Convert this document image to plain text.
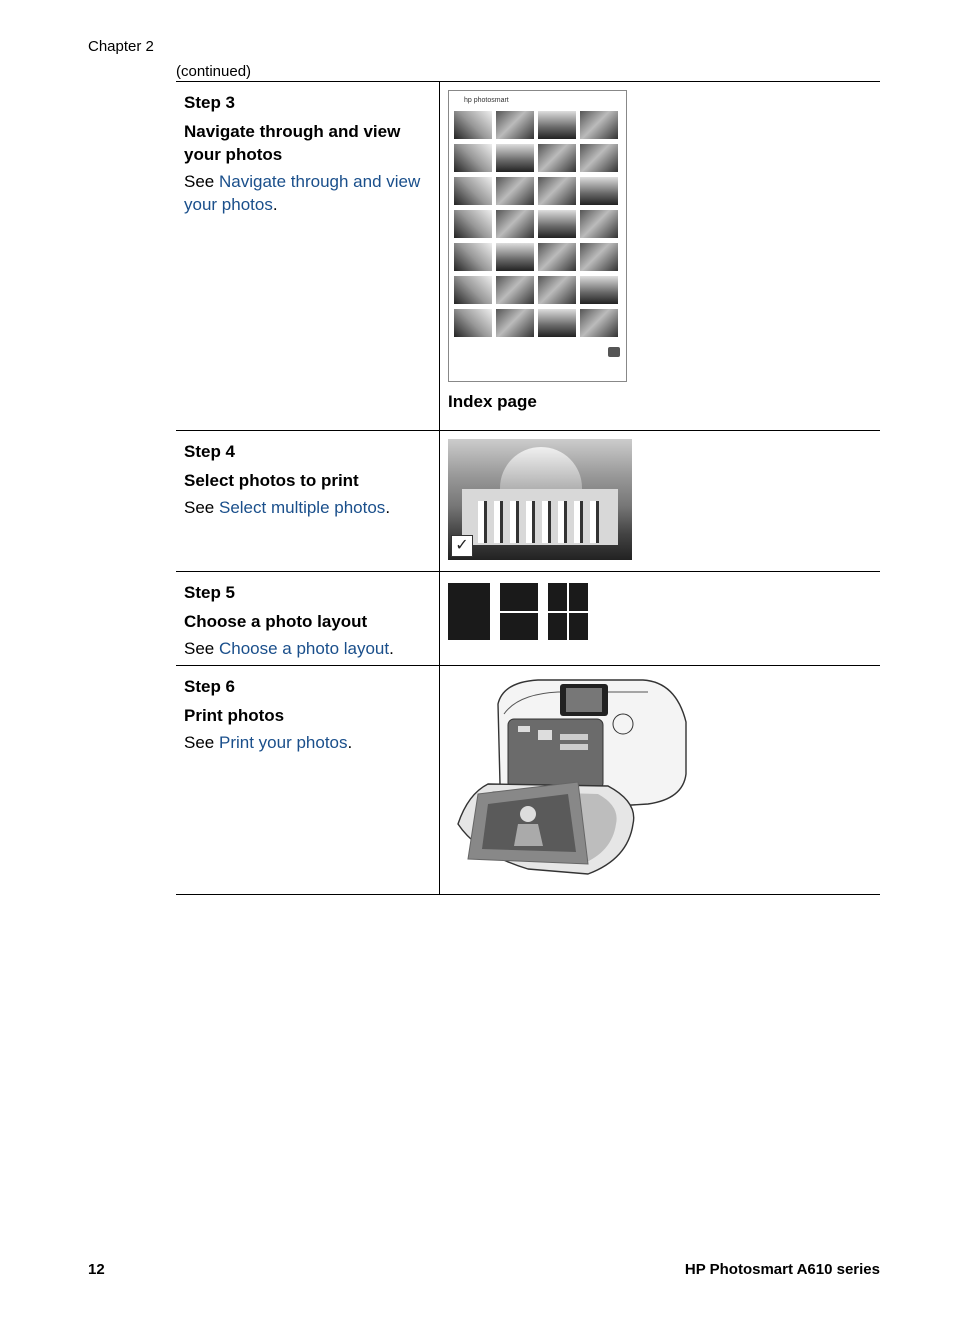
Chapter 2
(continued)
Step 3
Navigate through and view your photos
See Navigate through and view your photos.
hp photosmart
Index page
Step 4
Select photos to print
See Select multiple photos.
✓
Step 5
Choose a photo layout
See Choose a photo layout.
Step 6
Print photos
See Print your photos.
12	HP Photosmart A610 series
